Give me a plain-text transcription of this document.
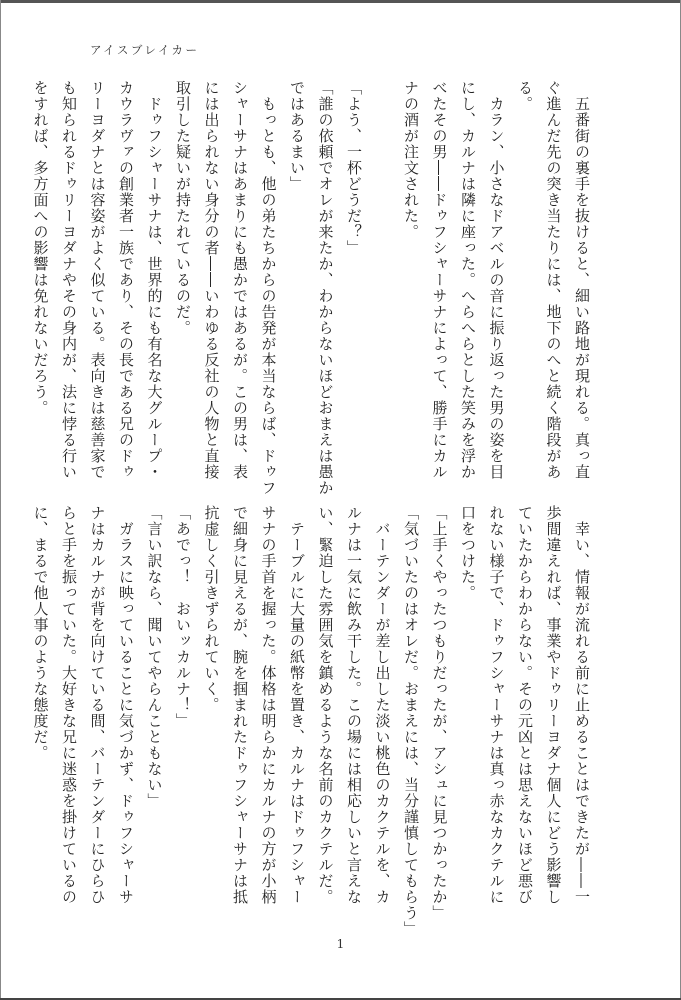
アイスブレイカー
　五番街の裏手を抜けると、細い路地が現れる。真っ直
ぐ進んだ先の突き当たりには、地下のへと続く階段があ
る。
　カラン、小さなドアベルの音に振り返った男の姿を目
にし、カルナは隣に座った。へらへらとした笑みを浮か
べたその男――ドゥフシャーサナによって、勝手にカル
ナの酒が注文された。

「よう、一杯どうだ？」
「誰の依頼でオレが来たか、わからないほどおまえは愚か
ではあるまい」
　もっとも、他の弟たちからの告発が本当ならば、ドゥフ
シャーサナはあまりにも愚かではあるが。この男は、表
には出られない身分の者――いわゆる反社の人物と直接
取引した疑いが持たれているのだ。
　ドゥフシャーサナは、世界的にも有名な大グループ・
カウラヴァの創業者一族であり、その長である兄のドゥ
リーヨダナとは容姿がよく似ている。表向きは慈善家で
も知られるドゥリーヨダナやその身内が、法に悖る行い
をすれば、多方面への影響は免れないだろう。
　幸い、情報が流れる前に止めることはできたが――一
歩間違えれば、事業やドゥリーヨダナ個人にどう影響し
ていたからわからない。その元凶とは思えないほど悪び
れない様子で、ドゥフシャーサナは真っ赤なカクテルに
口をつけた。
「上手くやったつもりだったが、アシュに見つかったか」
「気づいたのはオレだ。おまえには、当分謹慎してもらう」
　バーテンダーが差し出した淡い桃色のカクテルを、カ
ルナは一気に飲み干した。この場には相応しいと言えな
い、緊迫した雰囲気を鎮めるような名前のカクテルだ。
　テーブルに大量の紙幣を置き、カルナはドゥフシャー
サナの手首を握った。体格は明らかにカルナの方が小柄
で細身に見えるが、腕を掴まれたドゥフシャーサナは抵
抗虚しく引きずられていく。
「あでっ！　おいッカルナ！」
「言い訳なら、聞いてやらんこともない」
　ガラスに映っていることに気づかず、ドゥフシャーサ
ナはカルナが背を向けている間、バーテンダーにひらひ
らと手を振っていた。大好きな兄に迷惑を掛けているの
に、まるで他人事のような態度だ。
1
